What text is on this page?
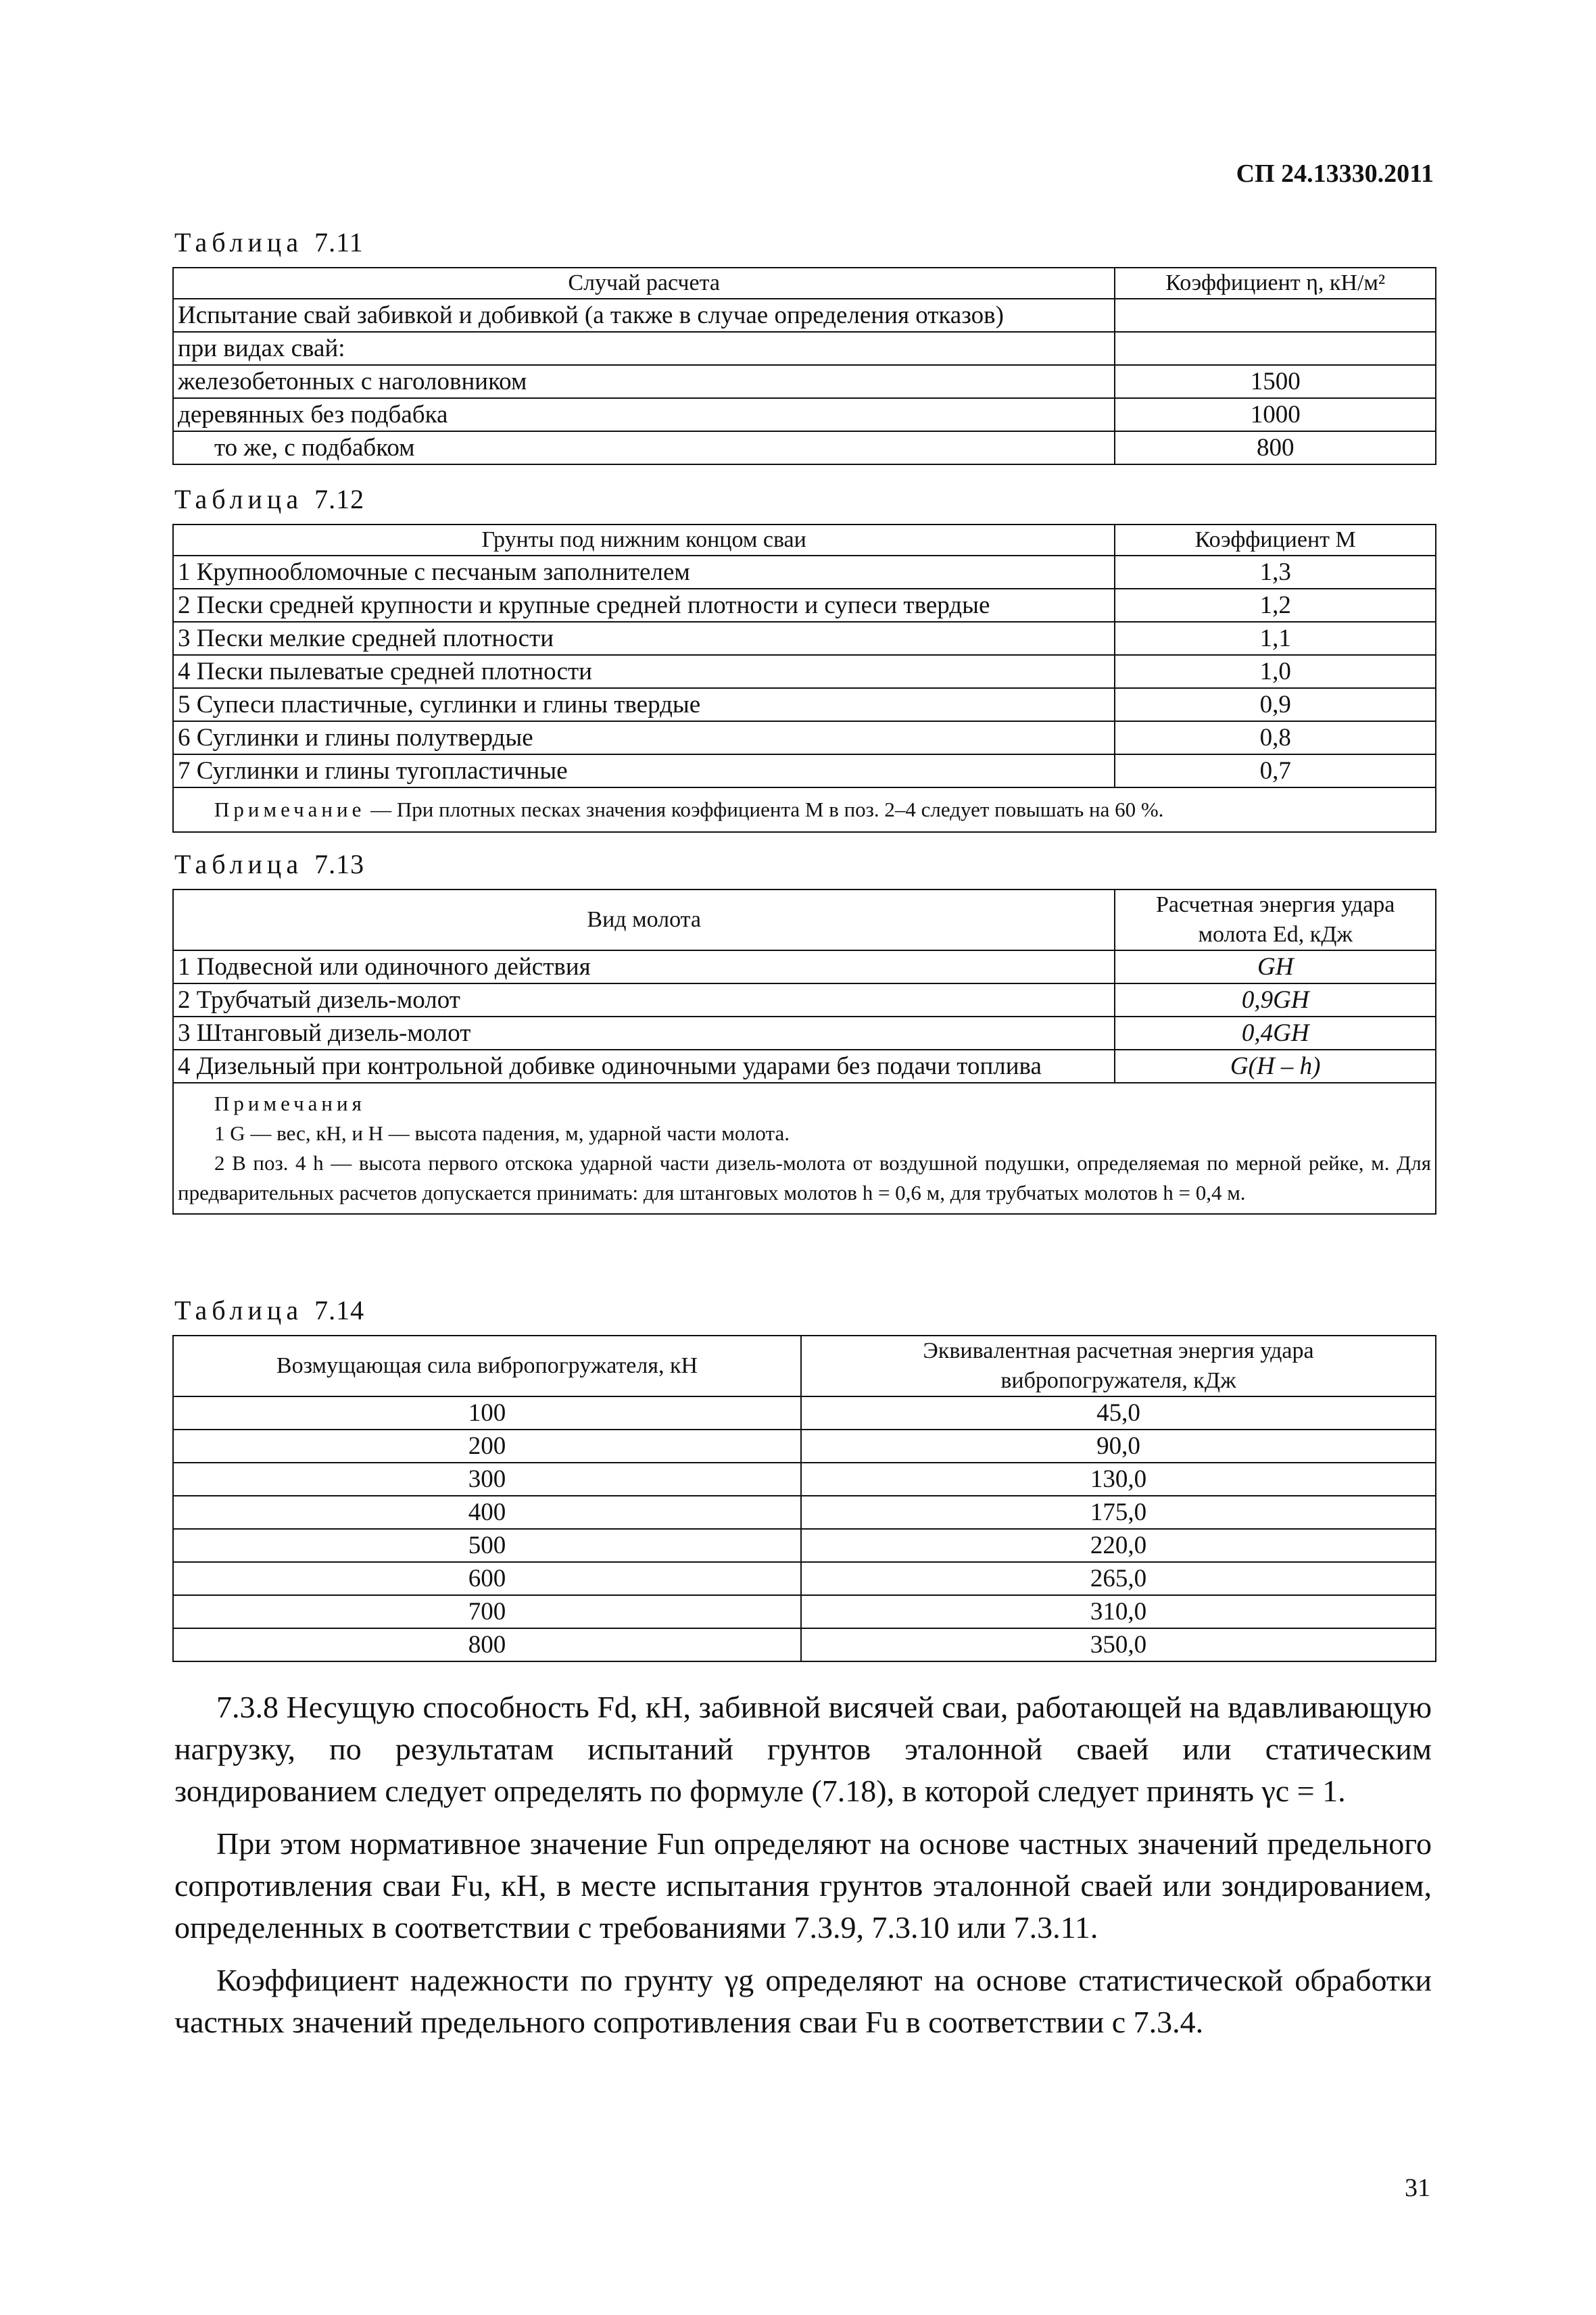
СП 24.13330.2011
Таблица 7.11
Случай расчета	Коэффициент η, кН/м²
Испытание свай забивкой и добивкой (а также в случае определения отказов)	
при видах свай:	
железобетонных с наголовником	1500
деревянных без подбабка	1000
то же, с подбабком	800
Таблица 7.12
Грунты под нижним концом сваи	Коэффициент M
1 Крупнообломочные с песчаным заполнителем	1,3
2 Пески средней крупности и крупные средней плотности и супеси твердые	1,2
3 Пески мелкие средней плотности	1,1
4 Пески пылеватые средней плотности	1,0
5 Супеси пластичные, суглинки и глины твердые	0,9
6 Суглинки и глины полутвердые	0,8
7 Суглинки и глины тугопластичные	0,7
Примечание — При плотных песках значения коэффициента M в поз. 2–4 следует повышать на 60 %.	
Таблица 7.13
Вид молота	Расчетная энергия удара
молота Ed, кДж

1 Подвесной или одиночного действия	GH
2 Трубчатый дизель-молот	0,9GH
3 Штанговый дизель-молот	0,4GH
4 Дизельный при контрольной добивке одиночными ударами без подачи топлива	G(H – h)

Примечания
1 G — вес, кН, и H — высота падения, м, ударной части молота.
2 В поз. 4 h — высота первого отскока ударной части дизель-молота от воздушной подушки, определяемая по мерной рейке, м. Для предварительных расчетов допускается принимать: для штанговых молотов h = 0,6 м, для трубчатых молотов h = 0,4 м.	
Таблица 7.14
Возмущающая сила вибропогружателя, кН	Эквивалентная расчетная энергия удара
вибропогружателя, кДж

100	45,0
200	90,0
300	130,0
400	175,0
500	220,0
600	265,0
700	310,0
800	350,0

7.3.8 Несущую способность Fd, кН, забивной висячей сваи, работающей на вдавливающую нагрузку, по результатам испытаний грунтов эталонной сваей или статическим зондированием следует определять по формуле (7.18), в которой следует принять γc = 1.

При этом нормативное значение Fun определяют на основе частных значений предельного сопротивления сваи Fu, кН, в месте испытания грунтов эталонной сваей или зондированием, определенных в соответствии с требованиями 7.3.9, 7.3.10 или 7.3.11.

Коэффициент надежности по грунту γg определяют на основе статистической обработки частных значений предельного сопротивления сваи Fu в соответствии с 7.3.4.

31
